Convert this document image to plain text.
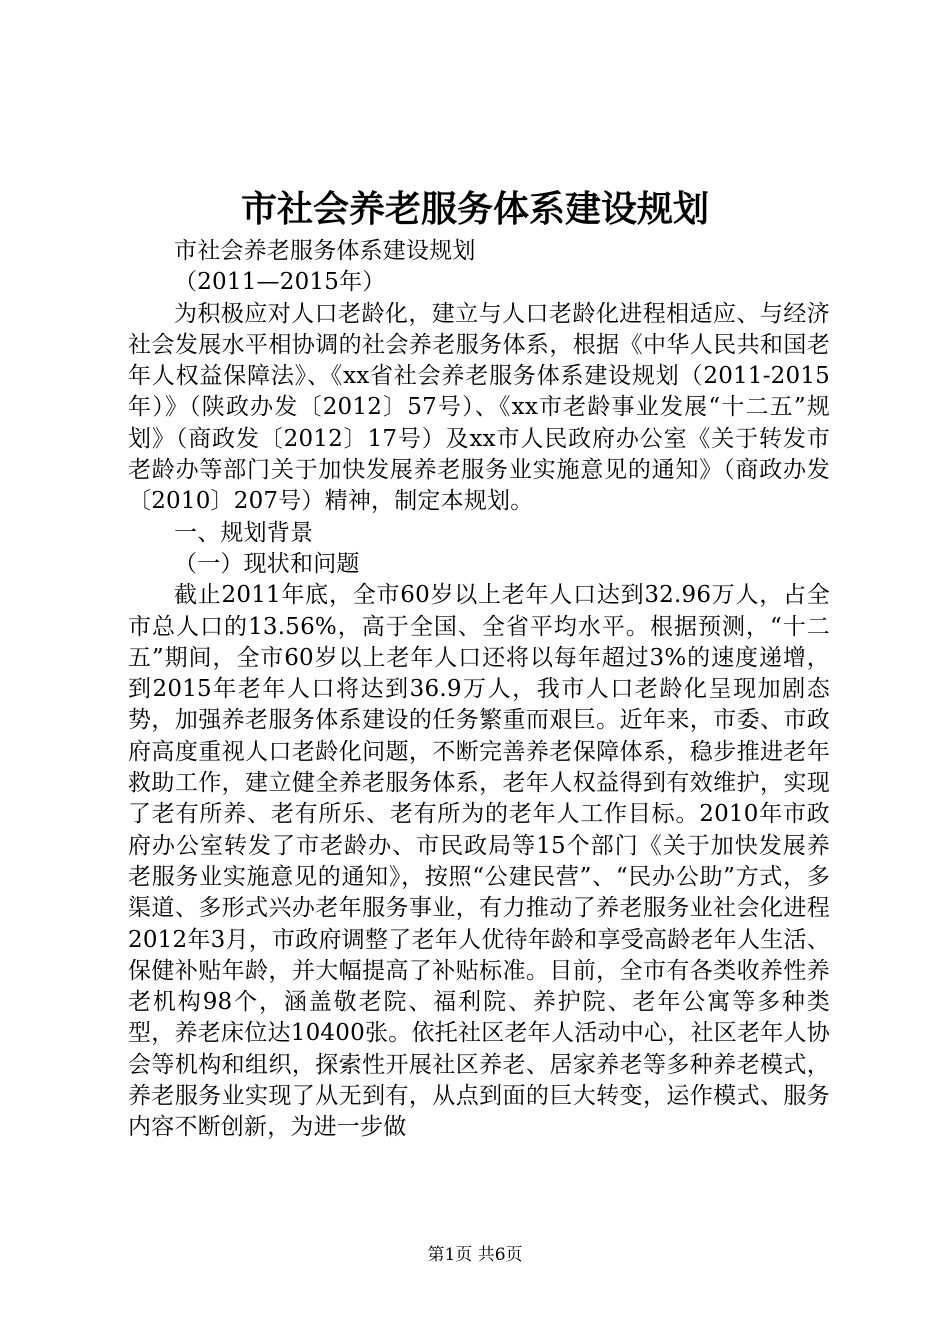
市社会养老服务体系建设规划

市社会养老服务体系建设规划

（2011—2015年）

为积极应对人口老龄化，建立与人口老龄化进程相适应、与经济社会发展水平相协调的社会养老服务体系，根据《中华人民共和国老年人权益保障法》、《xx省社会养老服务体系建设规划（2011-2015年）》（陕政办发〔2012〕57号）、《xx市老龄事业发展“十二五”规划》（商政发〔2012〕17号）及xx市人民政府办公室《关于转发市老龄办等部门关于加快发展养老服务业实施意见的通知》（商政办发〔2010〕207号）精神，制定本规划。

一、规划背景

（一）现状和问题

截止2011年底，全市60岁以上老年人口达到32.96万人，占全市总人口的13.56%，高于全国、全省平均水平。根据预测，“十二五”期间，全市60岁以上老年人口还将以每年超过3%的速度递增，到2015年老年人口将达到36.9万人，我市人口老龄化呈现加剧态势，加强养老服务体系建设的任务繁重而艰巨。近年来，市委、市政府高度重视人口老龄化问题，不断完善养老保障体系，稳步推进老年救助工作，建立健全养老服务体系，老年人权益得到有效维护，实现了老有所养、老有所乐、老有所为的老年人工作目标。2010年市政府办公室转发了市老龄办、市民政局等15个部门《关于加快发展养老服务业实施意见的通知》，按照“公建民营”、“民办公助”方式，多渠道、多形式兴办老年服务事业，有力推动了养老服务业社会化进程2012年3月，市政府调整了老年人优待年龄和享受高龄老年人生活、保健补贴年龄，并大幅提高了补贴标准。目前，全市有各类收养性养老机构98个，涵盖敬老院、福利院、养护院、老年公寓等多种类型，养老床位达10400张。依托社区老年人活动中心，社区老年人协会等机构和组织，探索性开展社区养老、居家养老等多种养老模式，养老服务业实现了从无到有，从点到面的巨大转变，运作模式、服务内容不断创新，为进一步做

第1页 共6页
